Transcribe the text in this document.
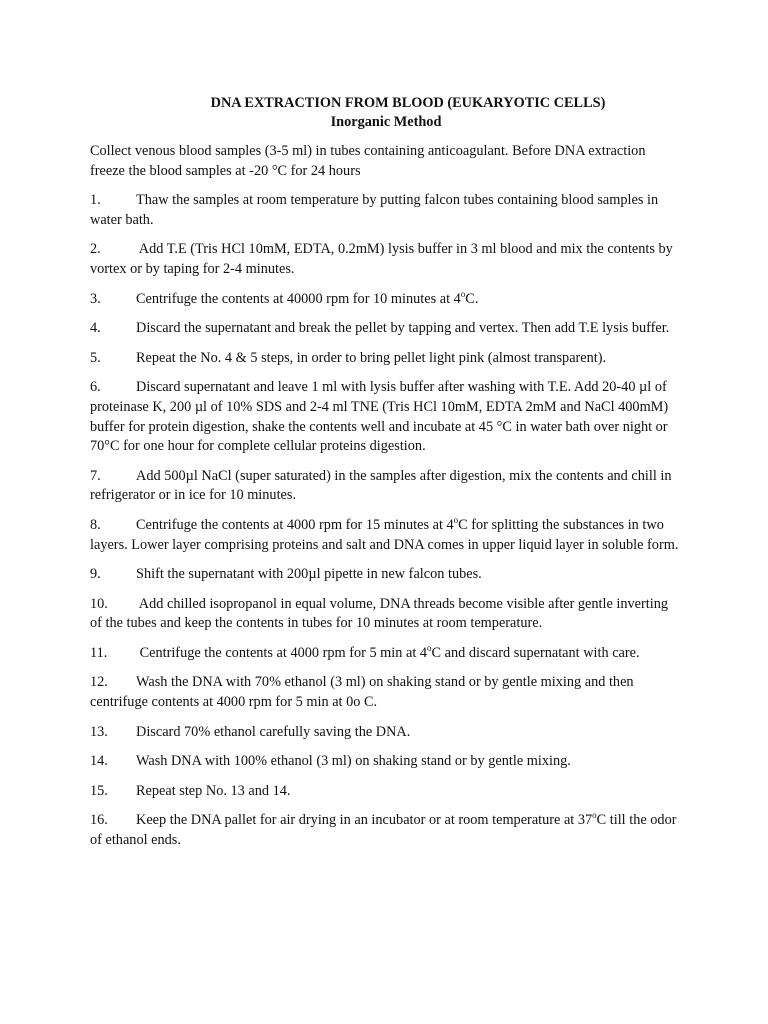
DNA EXTRACTION FROM BLOOD (EUKARYOTIC CELLS)

Inorganic Method

Collect venous blood samples (3-5 ml) in tubes containing anticoagulant. Before DNA extraction freeze the blood samples at -20 °C for 24 hours

1. Thaw the samples at room temperature by putting falcon tubes containing blood samples in water bath.
2. Add T.E (Tris HCl 10mM, EDTA, 0.2mM) lysis buffer in 3 ml blood and mix the contents by vortex or by taping for 2-4 minutes.
3. Centrifuge the contents at 40000 rpm for 10 minutes at 4$^o$C.
4. Discard the supernatant and break the pellet by tapping and vertex. Then add T.E lysis buffer.
5. Repeat the No. 4 & 5 steps, in order to bring pellet light pink (almost transparent).
6. Discard supernatant and leave 1 ml with lysis buffer after washing with T.E. Add 20-40 µl of proteinase K, 200 µl of 10% SDS and 2-4 ml TNE (Tris HCl 10mM, EDTA 2mM and NaCl 400mM) buffer for protein digestion, shake the contents well and incubate at 45 °C in water bath over night or 70°C for one hour for complete cellular proteins digestion.
7. Add 500µl NaCl (super saturated) in the samples after digestion, mix the contents and chill in refrigerator or in ice for 10 minutes.
8. Centrifuge the contents at 4000 rpm for 15 minutes at 4$^o$C for splitting the substances in two layers. Lower layer comprising proteins and salt and DNA comes in upper liquid layer in soluble form.
9. Shift the supernatant with 200µl pipette in new falcon tubes.
10. Add chilled isopropanol in equal volume, DNA threads become visible after gentle inverting of the tubes and keep the contents in tubes for 10 minutes at room temperature.
11. Centrifuge the contents at 4000 rpm for 5 min at 4$^o$C and discard supernatant with care.
12. Wash the DNA with 70% ethanol (3 ml) on shaking stand or by gentle mixing and then centrifuge contents at 4000 rpm for 5 min at 0o C.
13. Discard 70% ethanol carefully saving the DNA.
14. Wash DNA with 100% ethanol (3 ml) on shaking stand or by gentle mixing.
15. Repeat step No. 13 and 14.
16. Keep the DNA pallet for air drying in an incubator or at room temperature at 37$^o$C till the odor of ethanol ends.
